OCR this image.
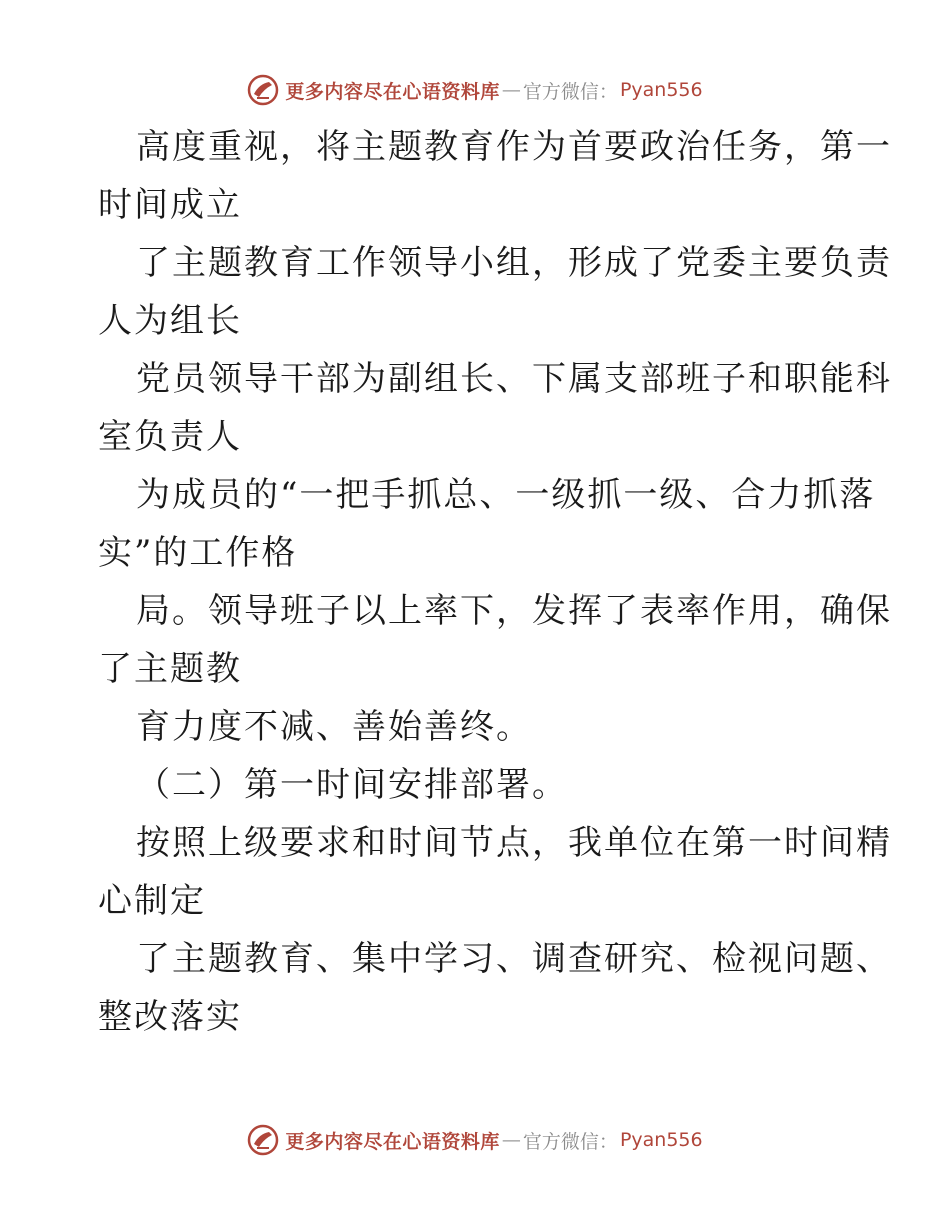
更多内容尽在心语资料库 — 官方微信： Pyan556
高度重视，将主题教育作为首要政治任务，第一
时间成立
了主题教育工作领导小组，形成了党委主要负责
人为组长
党员领导干部为副组长、下属支部班子和职能科
室负责人
为成员的“一把手抓总、一级抓一级、合力抓落
实”的工作格
局。领导班子以上率下，发挥了表率作用，确保
了主题教
育力度不减、善始善终。
（二）第一时间安排部署。
按照上级要求和时间节点，我单位在第一时间精
心制定
了主题教育、集中学习、调查研究、检视问题、
整改落实
更多内容尽在心语资料库 — 官方微信： Pyan556
